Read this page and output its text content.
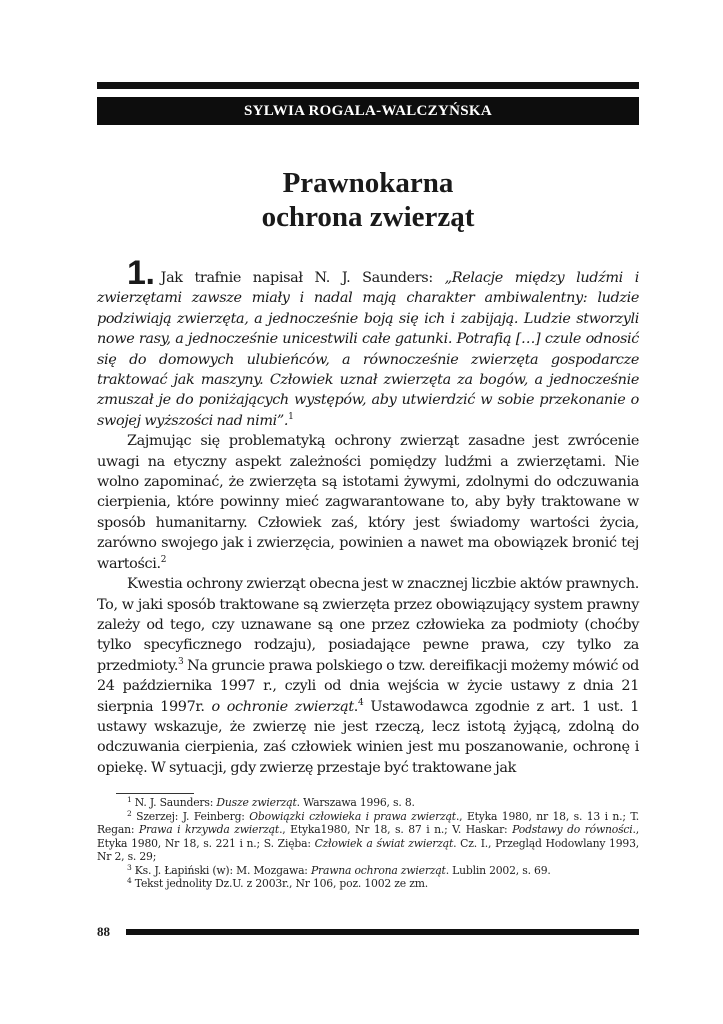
SYLWIA ROGALA-WALCZYŃSKA
Prawnokarna
ochrona zwierząt

1. Jak trafnie napisał N. J. Saunders: „Relacje między ludźmi i zwierzętami zawsze miały i nadal mają charakter ambiwalentny: ludzie podziwiają zwierzęta, a jednocześnie boją się ich i zabijają. Ludzie stworzyli nowe rasy, a jednocześnie unicestwili całe gatunki. Potrafią […] czule odnosić się do domowych ulubieńców, a równocześnie zwierzęta gospodarcze traktować jak maszyny. Człowiek uznał zwierzęta za bogów, a jednocześnie zmuszał je do poniżających występów, aby utwierdzić w sobie przekonanie o swojej wyższości nad nimi”.$^1$

Zajmując się problematyką ochrony zwierząt zasadne jest zwrócenie uwagi na etyczny aspekt zależności pomiędzy ludźmi a zwierzętami. Nie wolno zapominać, że zwierzęta są istotami żywymi, zdolnymi do odczuwania cierpienia, które powinny mieć zagwarantowane to, aby były traktowane w sposób humanitarny. Człowiek zaś, który jest świadomy wartości życia, zarówno swojego jak i zwierzęcia, powinien a nawet ma obowiązek bronić tej wartości.$^2$

Kwestia ochrony zwierząt obecna jest w znacznej liczbie aktów prawnych. To, w jaki sposób traktowane są zwierzęta przez obowiązujący system prawny zależy od tego, czy uznawane są one przez człowieka za podmioty (choćby tylko specyficznego rodzaju), posiadające pewne prawa, czy tylko za przedmioty.$^3$ Na gruncie prawa polskiego o tzw. dereifikacji możemy mówić od 24 października 1997 r., czyli od dnia wejścia w życie ustawy z dnia 21 sierpnia 1997r. o ochronie zwierząt.$^4$ Ustawodawca zgodnie z art. 1 ust. 1 ustawy wskazuje, że zwierzę nie jest rzeczą, lecz istotą żyjącą, zdolną do odczuwania cierpienia, zaś człowiek winien jest mu poszanowanie, ochronę i opiekę. W sytuacji, gdy zwierzę przestaje być traktowane jak

$^1$ N. J. Saunders: Dusze zwierząt. Warszawa 1996, s. 8.

$^2$ Szerzej: J. Feinberg: Obowiązki człowieka i prawa zwierząt., Etyka 1980, nr 18, s. 13 i n.; T. Regan: Prawa i krzywda zwierząt., Etyka1980, Nr 18, s. 87 i n.; V. Haskar: Podstawy do równości., Etyka 1980, Nr 18, s. 221 i n.; S. Zięba: Człowiek a świat zwierząt. Cz. I., Przegląd Hodowlany 1993, Nr 2, s. 29;

$^3$ Ks. J. Łapiński (w): M. Mozgawa: Prawna ochrona zwierząt. Lublin 2002, s. 69.

$^4$ Tekst jednolity Dz.U. z 2003r., Nr 106, poz. 1002 ze zm.

88
